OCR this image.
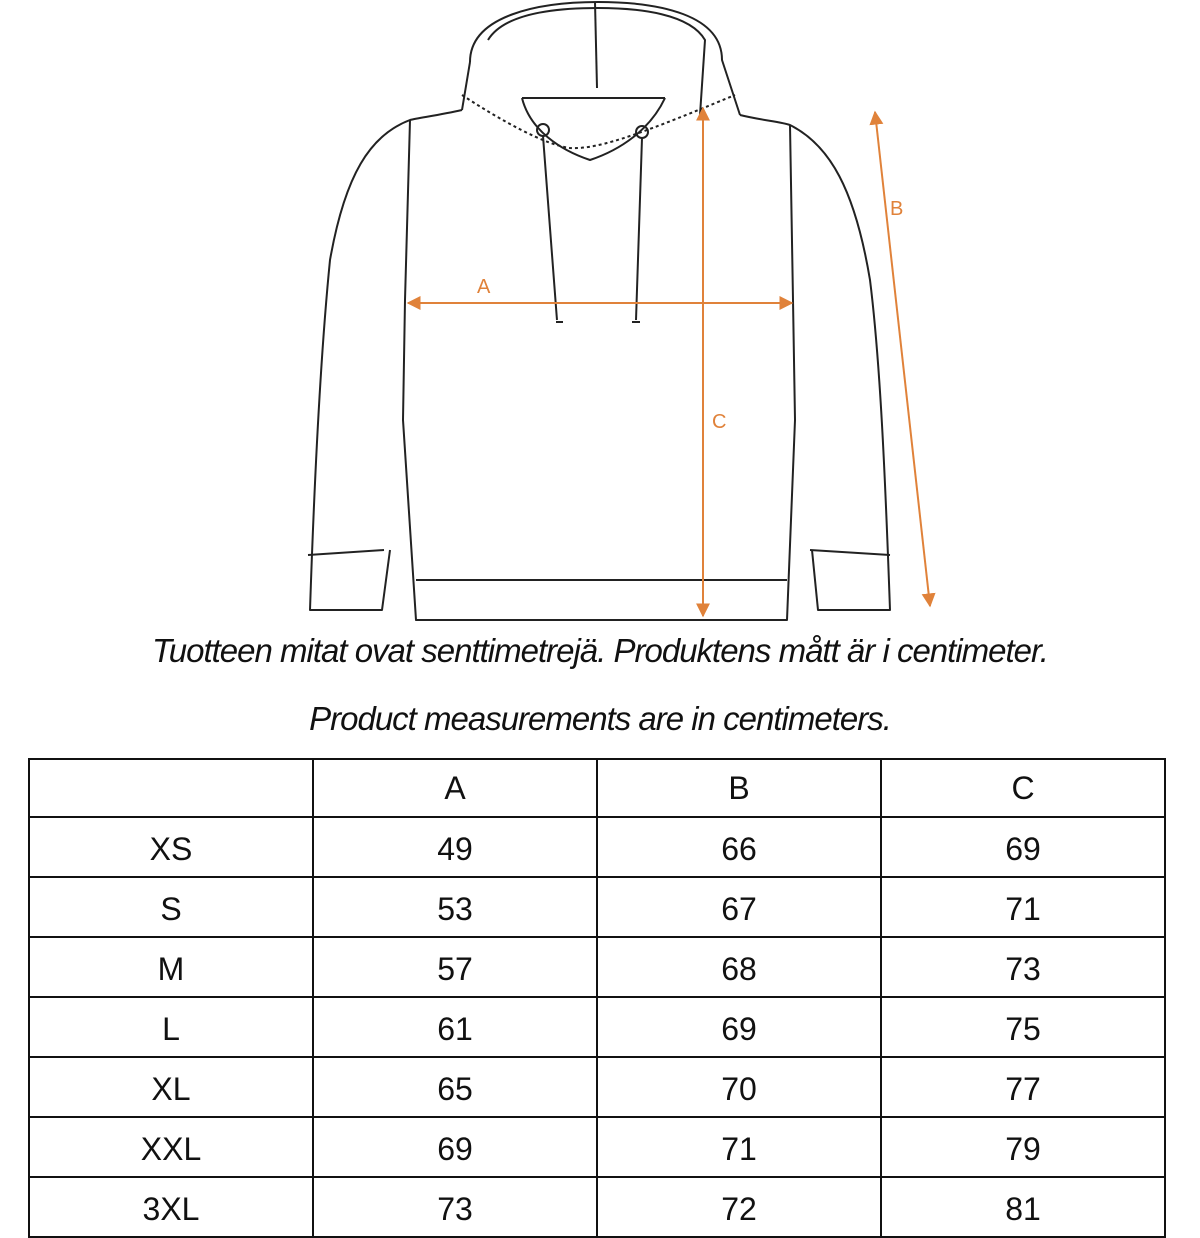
A
B
C
Tuotteen mitat ovat senttimetrejä. Produktens mått är i centimeter.
Product measurements are in centimeters.
	A	B	C
XS	49	66	69
S	53	67	71
M	57	68	73
L	61	69	75
XL	65	70	77
XXL	69	71	79
3XL	73	72	81
